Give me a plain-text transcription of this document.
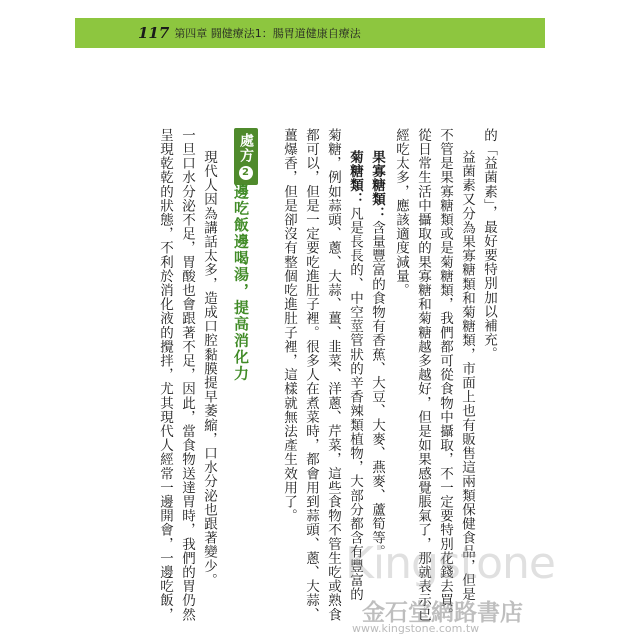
117 第四章 闘健療法1：腸胃道健康自療法
的「益菌素」，最好要特別加以補充。
益菌素又分為果寡糖類和菊糖類，市面上也有販售這兩類保健食品，但是
不管是果寡糖類或是菊糖類，我們都可從食物中攝取，不一定要特別花錢去買。
從日常生活中攝取的果寡糖和菊糖越多越好，但是如果感覺脹氣了，那就表示已
經吃太多，應該適度減量。
果寡糖類：含量豐富的食物有香蕉、大豆、大麥、燕麥、蘆筍等。
菊糖類：凡是長長的、中空莖管狀的辛香辣類植物，大部分都含有豐富的
菊糖，例如蒜頭、蔥、大蒜、薑、韭菜、洋蔥、芹菜，這些食物不管生吃或熟食
都可以，但是一定要吃進肚子裡。很多人在煮菜時，都會用到蒜頭、蔥、大蒜、
薑爆香，但是卻沒有整個吃進肚子裡，這樣就無法產生效用了。
處方2
邊吃飯邊喝湯，提高消化力
現代人因為講話太多，造成口腔黏膜提早萎縮，口水分泌也跟著變少。
一旦口水分泌不足，胃酸也會跟著不足，因此，當食物送達胃時，我們的胃仍然
呈現乾乾的狀態，不利於消化液的攪拌，尤其現代人經常一邊開會，一邊吃飯，	Kingstone
金石堂網路書店
www.kingstone.com.tw
